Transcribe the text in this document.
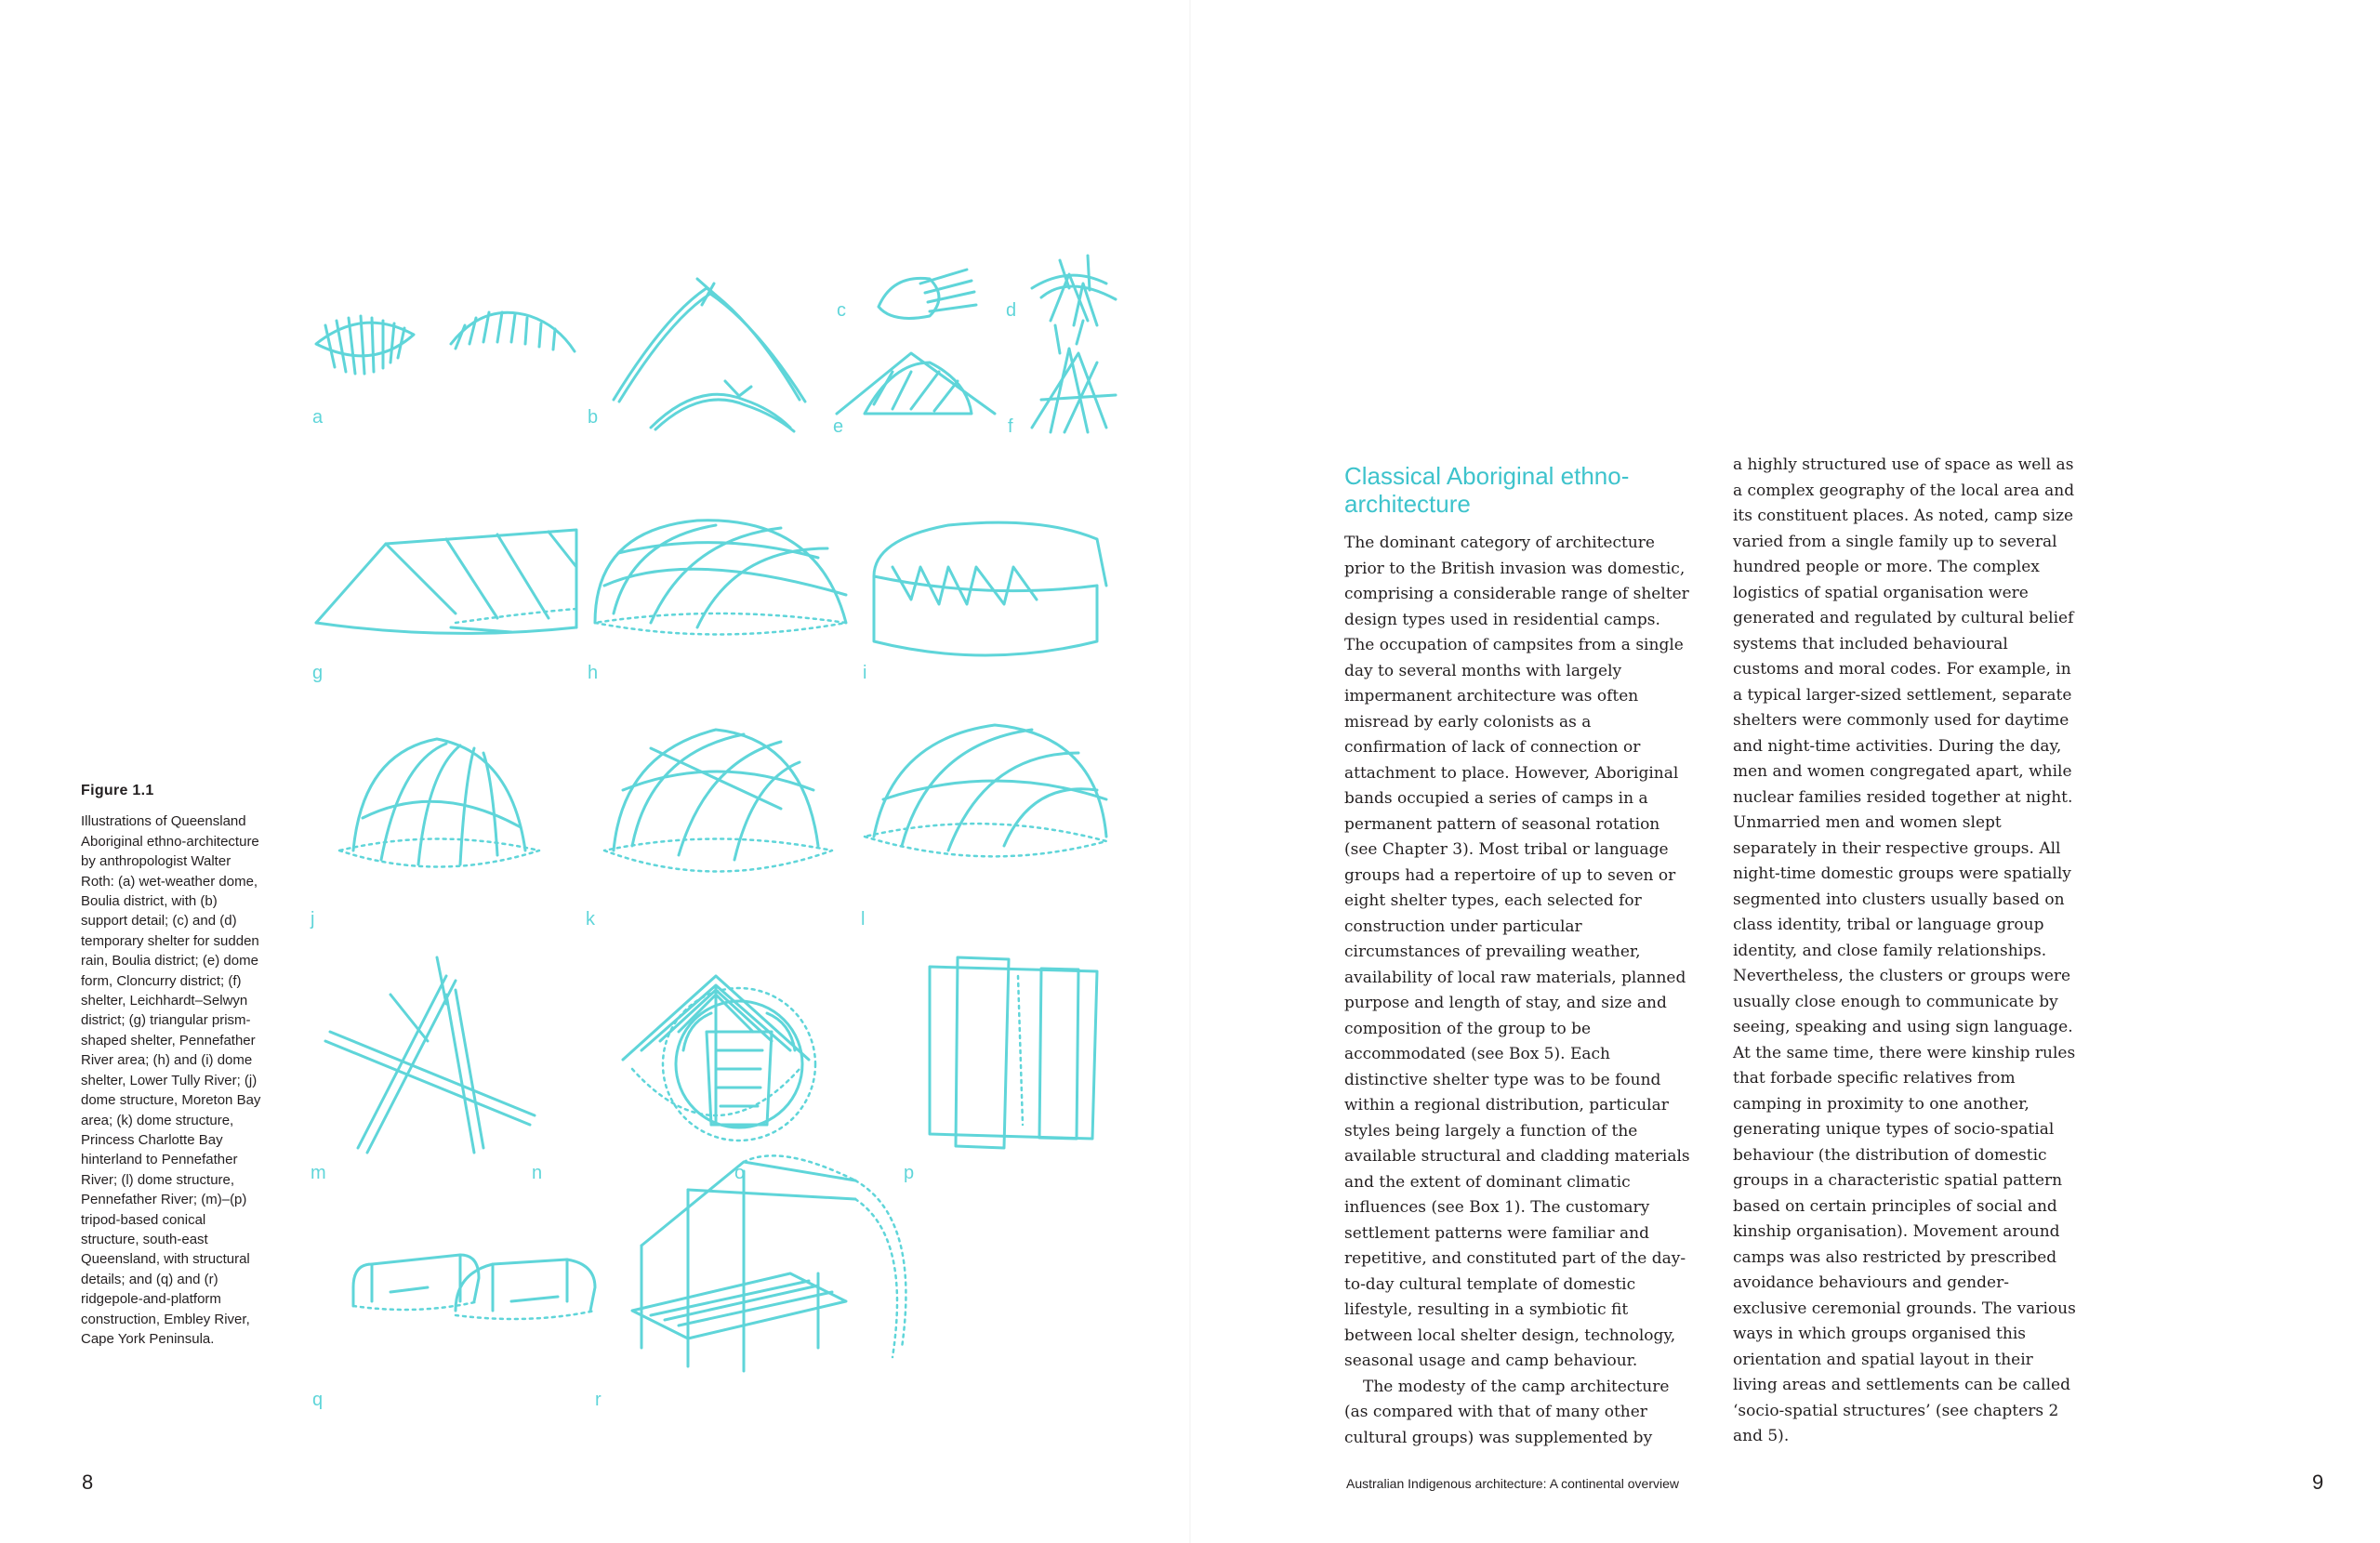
a	b
c	d
e	f
g	h	i
j	k	l
m	n	o	p
q	r
Figure 1.1
Illustrations of Queensland Aboriginal ethno-architecture by anthropologist Walter Roth: (a) wet-weather dome, Boulia district, with (b) support detail; (c) and (d) temporary shelter for sudden rain, Boulia district; (e) dome form, Cloncurry district; (f) shelter, Leichhardt–Selwyn district; (g) triangular prism-shaped shelter, Pennefather River area; (h) and (i) dome shelter, Lower Tully River; (j) dome structure, Moreton Bay area; (k) dome structure, Princess Charlotte Bay hinterland to Pennefather River; (l) dome structure, Pennefather River; (m)–(p) tripod-based conical structure, south-east Queensland, with structural details; and (q) and (r) ridgepole-and-platform construction, Embley River, Cape York Peninsula.
Classical Aboriginal ethno-architecture

The dominant category of architecture prior to the British invasion was domestic, comprising a considerable range of shelter design types used in residential camps. The occupation of campsites from a single day to several months with largely impermanent architecture was often misread by early colonists as a confirmation of lack of connection or attachment to place. However, Aboriginal bands occupied a series of camps in a permanent pattern of seasonal rotation (see Chapter 3). Most tribal or language groups had a repertoire of up to seven or eight shelter types, each selected for construction under particular circumstances of prevailing weather, availability of local raw materials, planned purpose and length of stay, and size and composition of the group to be accommodated (see Box 5). Each distinctive shelter type was to be found within a regional distribution, particular styles being largely a function of the available structural and cladding materials and the extent of dominant climatic influences (see Box 1). The customary settlement patterns were familiar and repetitive, and constituted part of the day-to-day cultural template of domestic lifestyle, resulting in a symbiotic fit between local shelter design, technology, seasonal usage and camp behaviour.

The modesty of the camp architecture (as compared with that of many other cultural groups) was supplemented by

a highly structured use of space as well as a complex geography of the local area and its constituent places. As noted, camp size varied from a single family up to several hundred people or more. The complex logistics of spatial organisation were generated and regulated by cultural belief systems that included behavioural customs and moral codes. For example, in a typical larger-sized settlement, separate shelters were commonly used for daytime and night-time activities. During the day, men and women congregated apart, while nuclear families resided together at night. Unmarried men and women slept separately in their respective groups. All night-time domestic groups were spatially segmented into clusters usually based on class identity, tribal or language group identity, and close family relationships. Nevertheless, the clusters or groups were usually close enough to communicate by seeing, speaking and using sign language. At the same time, there were kinship rules that forbade specific relatives from camping in proximity to one another, generating unique types of socio-spatial behaviour (the distribution of domestic groups in a characteristic spatial pattern based on certain principles of social and kinship organisation). Movement around camps was also restricted by prescribed avoidance behaviours and gender-exclusive ceremonial grounds. The various ways in which groups organised this orientation and spatial layout in their living areas and settlements can be called ‘socio-spatial structures’ (see chapters 2 and 5).

8	Australian Indigenous architecture: A continental overview	9
